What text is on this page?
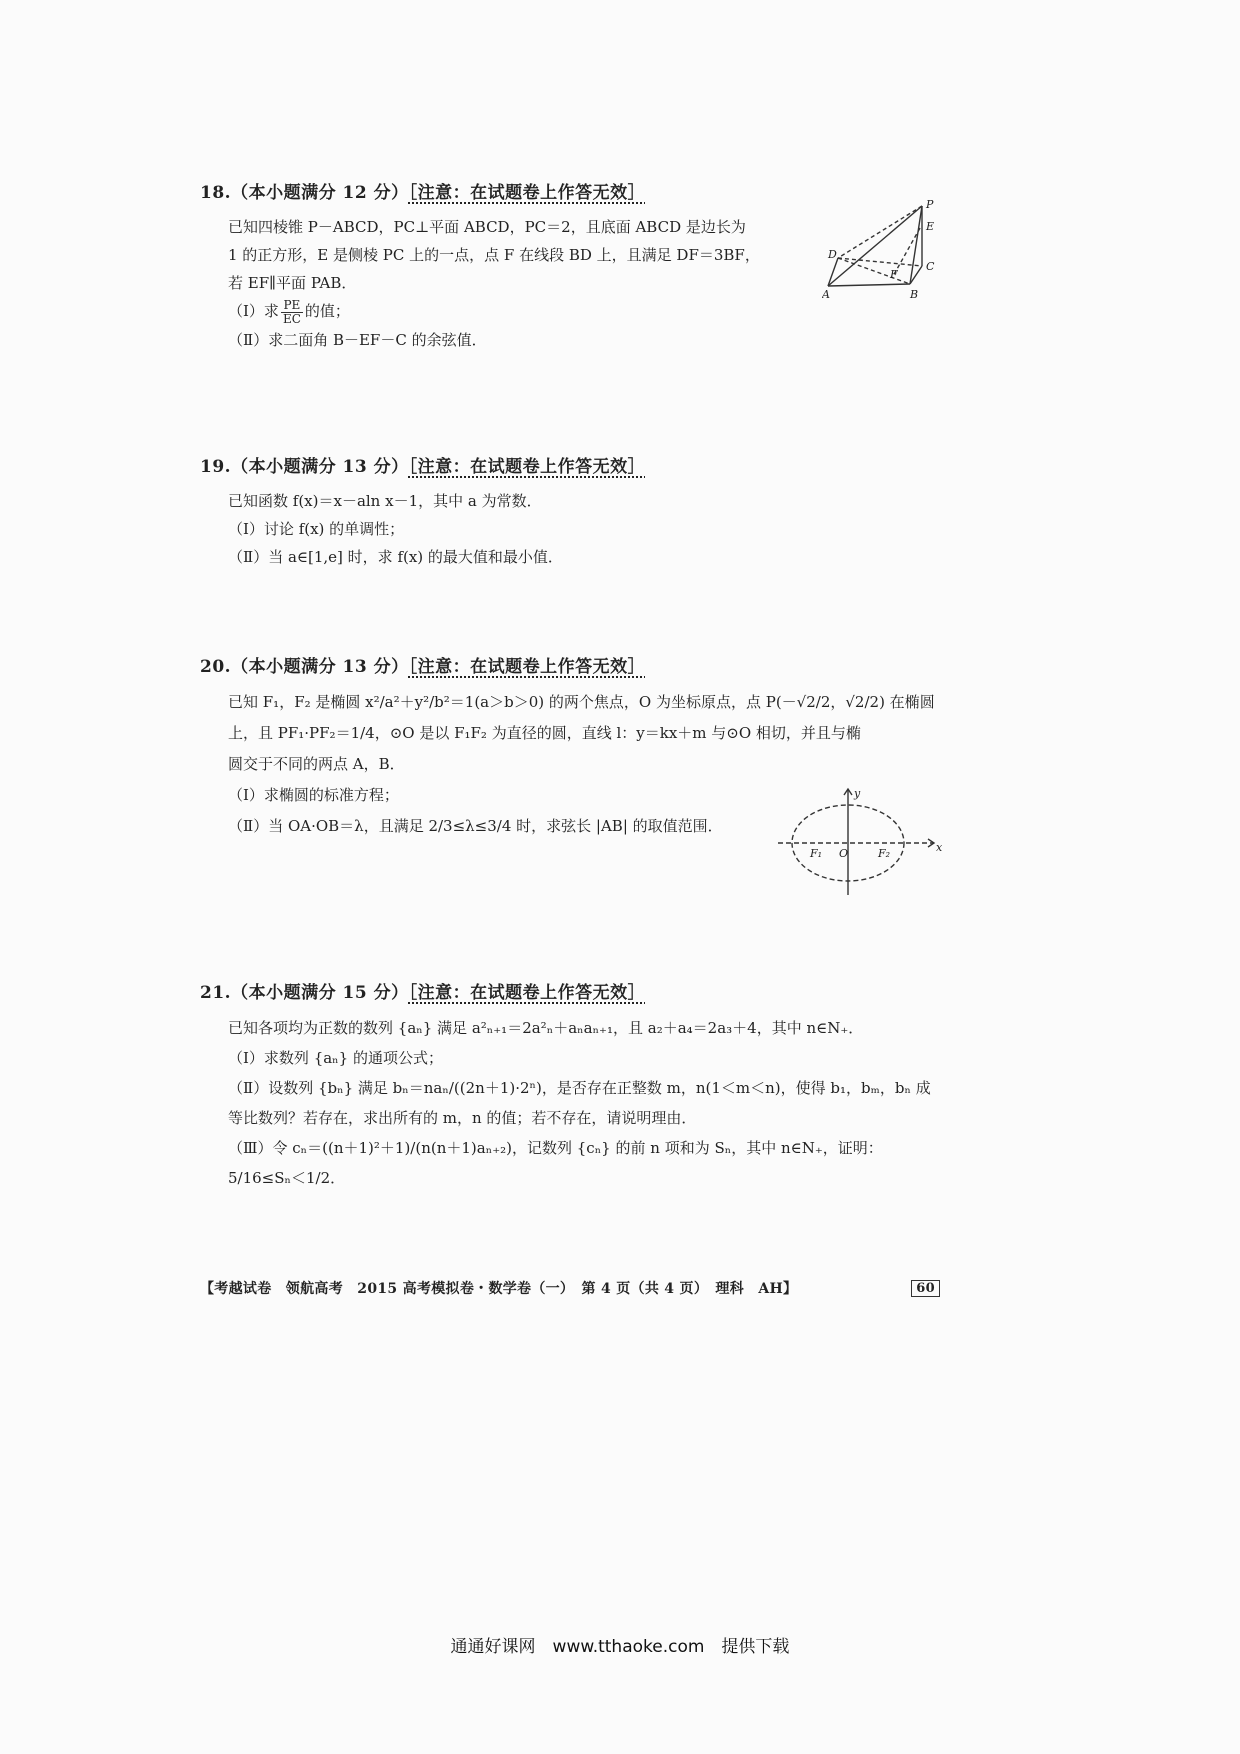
18.（本小题满分 12 分）［注意：在试题卷上作答无效］

已知四棱锥 P－ABCD，PC⊥平面 ABCD，PC＝2，且底面 ABCD 是边长为

1 的正方形，E 是侧棱 PC 上的一点，点 F 在线段 BD 上，且满足 DF＝3BF，

若 EF∥平面 PAB．

（Ⅰ）求 $\frac{PE}{EC}$ 的值；

（Ⅱ）求二面角 B－EF－C 的余弦值．

P
E
D
C
F
A	B
19.（本小题满分 13 分）［注意：在试题卷上作答无效］

已知函数 f(x)＝x－aln x－1，其中 a 为常数．

（Ⅰ）讨论 f(x) 的单调性；

（Ⅱ）当 a∈[1,e] 时，求 f(x) 的最大值和最小值．

20.（本小题满分 13 分）［注意：在试题卷上作答无效］

已知 F₁，F₂ 是椭圆 x²/a²＋y²/b²＝1(a＞b＞0) 的两个焦点，O 为坐标原点，点 P(－√2/2，√2/2) 在椭圆

上，且 PF₁·PF₂＝1/4，⊙O 是以 F₁F₂ 为直径的圆，直线 l：y＝kx＋m 与⊙O 相切，并且与椭

圆交于不同的两点 A，B．

（Ⅰ）求椭圆的标准方程；

（Ⅱ）当 OA·OB＝λ，且满足 2/3≤λ≤3/4 时，求弦长 |AB| 的取值范围．

y
x
O
F₁	F₂
21.（本小题满分 15 分）［注意：在试题卷上作答无效］

已知各项均为正数的数列 {aₙ} 满足 a²ₙ₊₁＝2a²ₙ＋aₙaₙ₊₁，且 a₂＋a₄＝2a₃＋4，其中 n∈N₊．

（Ⅰ）求数列 {aₙ} 的通项公式；

（Ⅱ）设数列 {bₙ} 满足 bₙ＝naₙ/((2n＋1)·2ⁿ)，是否存在正整数 m，n(1＜m＜n)，使得 b₁，bₘ，bₙ 成

等比数列？若存在，求出所有的 m，n 的值；若不存在，请说明理由．

（Ⅲ）令 cₙ＝((n＋1)²＋1)/(n(n＋1)aₙ₊₂)，记数列 {cₙ} 的前 n 项和为 Sₙ，其中 n∈N₊，证明：5/16≤Sₙ＜1/2．

【考越试卷　领航高考　2015 高考模拟卷・数学卷（一）　第 4 页（共 4 页）　理科　AH】	60
通通好课网　www.tthaoke.com　提供下载
